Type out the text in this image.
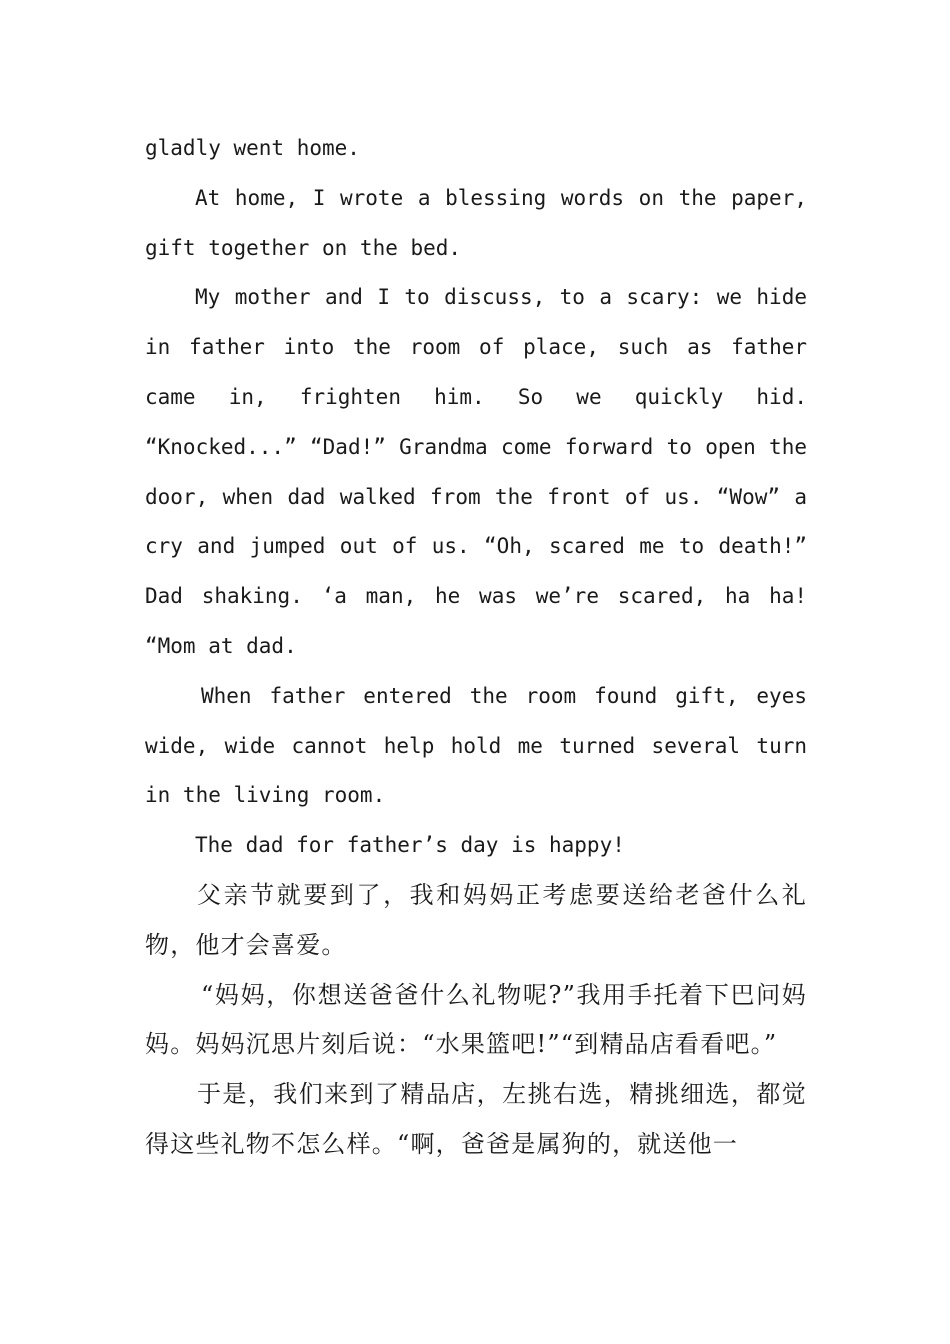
gladly went home.

At home, I wrote a blessing words on the paper, gift together on the bed.

My mother and I to discuss, to a scary: we hide in father into the room of place, such as father came in, frighten him. So we quickly hid. “Knocked...” “Dad!” Grandma come forward to open the door, when dad walked from the front of us. “Wow” a cry and jumped out of us. “Oh, scared me to death!” Dad shaking. ‘a man, he was we’re scared, ha ha! “Mom at dad.

When father entered the room found gift, eyes wide, wide cannot help hold me turned several turn in the living room.

The dad for father’s day is happy!

父亲节就要到了，我和妈妈正考虑要送给老爸什么礼物，他才会喜爱。

“妈妈，你想送爸爸什么礼物呢?”我用手托着下巴问妈妈。妈妈沉思片刻后说：“水果篮吧!”“到精品店看看吧。”

于是，我们来到了精品店，左挑右选，精挑细选，都觉得这些礼物不怎么样。“啊，爸爸是属狗的，就送他一
